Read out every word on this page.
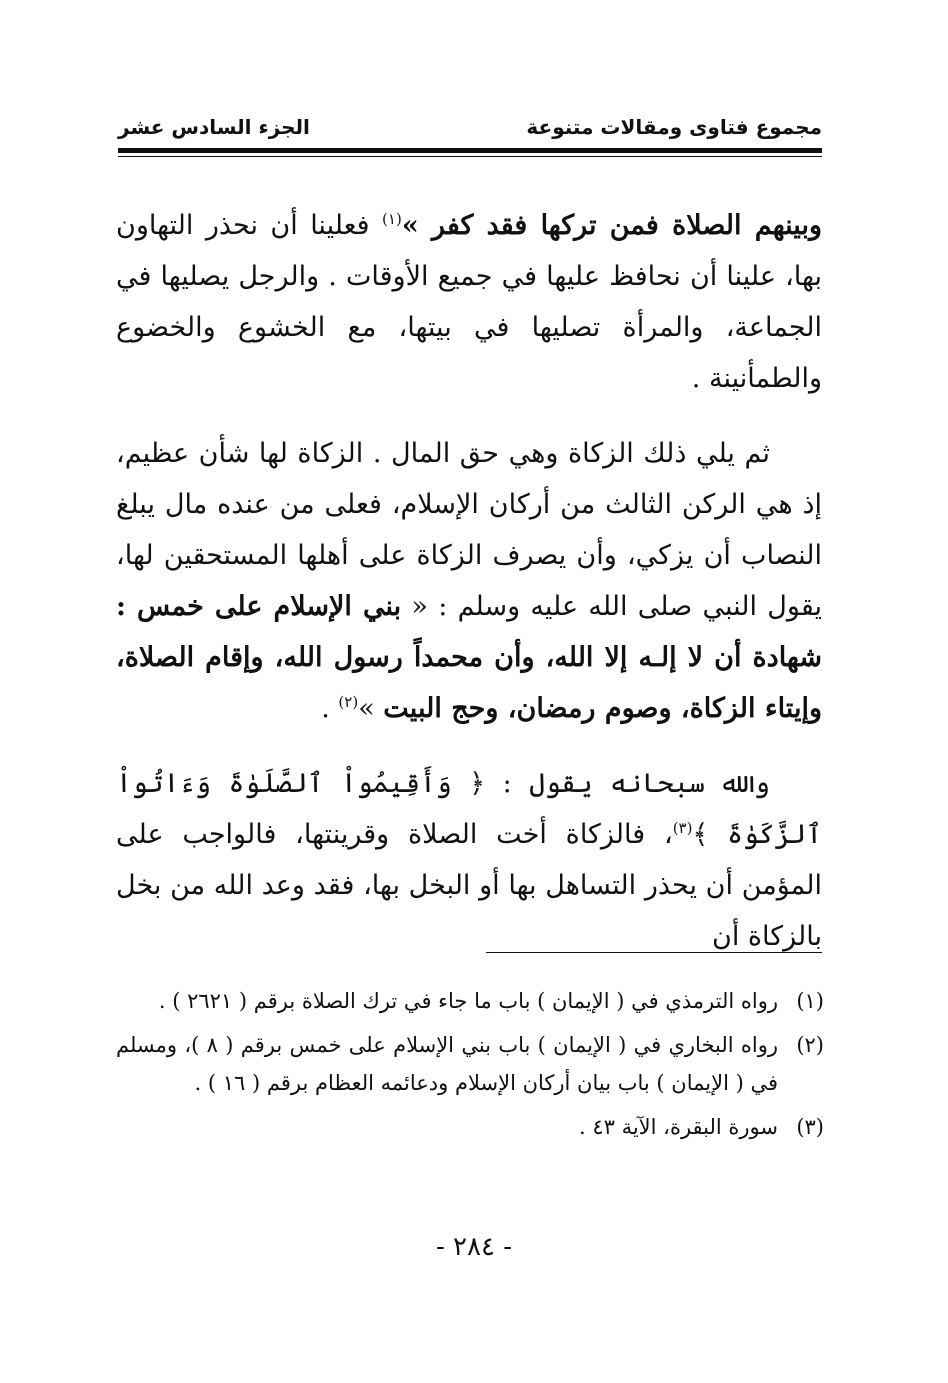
مجموع فتاوى ومقالات متنوعة
الجزء السادس عشر

وبينهم الصلاة فمن تركها فقد كفر »$^{(١)}$ فعلينا أن نحذر التهاون بها، علينا أن نحافظ عليها في جميع الأوقات . والرجل يصليها في الجماعة، والمرأة تصليها في بيتها، مع الخشوع والخضوع والطمأنينة .

ثم يلي ذلك الزكاة وهي حق المال . الزكاة لها شأن عظيم، إذ هي الركن الثالث من أركان الإسلام، فعلى من عنده مال يبلغ النصاب أن يزكي، وأن يصرف الزكاة على أهلها المستحقين لها، يقول النبي صلى الله عليه وسلم : « بني الإسلام على خمس : شهادة أن لا إلـه إلا الله، وأن محمداً رسول الله، وإقام الصلاة، وإيتاء الزكاة، وصوم رمضان، وحج البيت »$^{(٢)}$ .

والله سبحانه يقول : ﴿ وَأَقِيمُواْ ٱلصَّلَوٰةَ وَءَاتُواْ ٱلزَّكَوٰةَ ﴾$^{(٣)}$، فالزكاة أخت الصلاة وقرينتها، فالواجب على المؤمن أن يحذر التساهل بها أو البخل بها، فقد وعد الله من بخل بالزكاة أن

(١)
رواه الترمذي في ( الإيمان ) باب ما جاء في ترك الصلاة برقم ( ٢٦٢١ ) .
(٢)
رواه البخاري في ( الإيمان ) باب بني الإسلام على خمس برقم ( ٨ )، ومسلم في ( الإيمان ) باب بيان أركان الإسلام ودعائمه العظام برقم ( ١٦ ) .
(٣)
سورة البقرة، الآية ٤٣ .
- ٢٨٤ -
